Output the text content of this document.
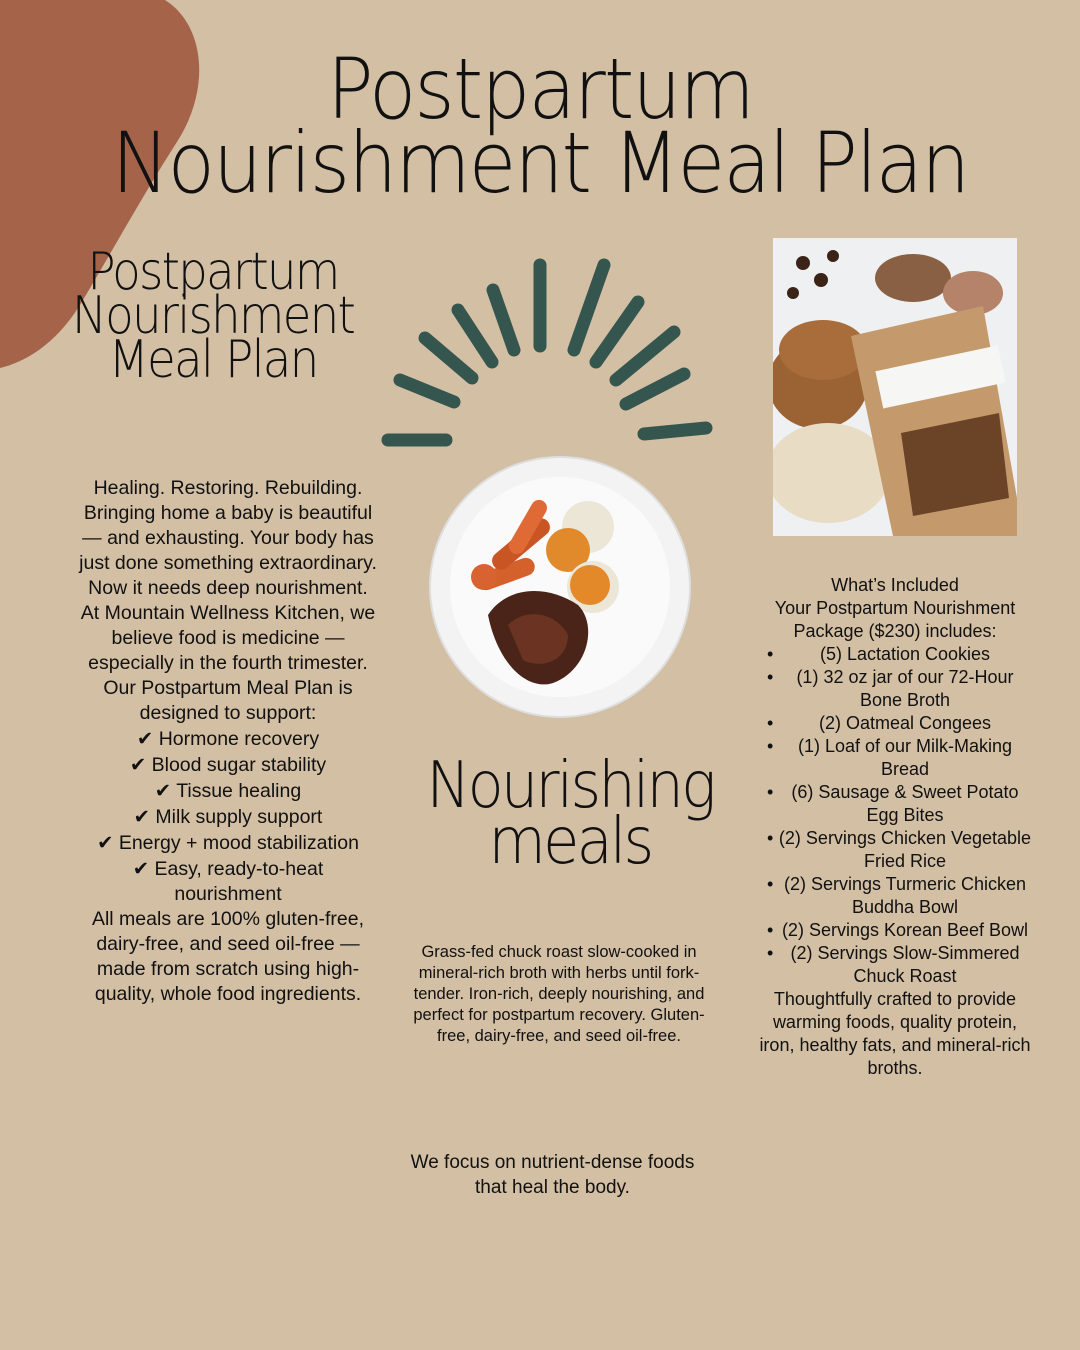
Postpartum
Nourishment Meal Plan
Postpartum
Nourishment
Meal Plan

Healing. Restoring. Rebuilding.

Bringing home a baby is beautiful — and exhausting. Your body has just done something extraordinary. Now it needs deep nourishment.

At Mountain Wellness Kitchen, we believe food is medicine — especially in the fourth trimester. Our Postpartum Meal Plan is designed to support:

✔ Hormone recovery

✔ Blood sugar stability

✔ Tissue healing

✔ Milk supply support

✔ Energy + mood stabilization

✔ Easy, ready-to-heat nourishment

All meals are 100% gluten-free, dairy-free, and seed oil-free — made from scratch using high-quality, whole food ingredients.

Nourishing
meals

Grass-fed chuck roast slow-cooked in mineral-rich broth with herbs until fork-tender. Iron-rich, deeply nourishing, and perfect for postpartum recovery. Gluten-free, dairy-free, and seed oil-free.

We focus on nutrient-dense foods that heal the body.

What’s Included

Your Postpartum Nourishment Package ($230) includes:

• (5) Lactation Cookies
• (1) 32 oz jar of our 72-Hour Bone Broth
• (2) Oatmeal Congees
• (1) Loaf of our Milk-Making Bread
• (6) Sausage & Sweet Potato Egg Bites
• (2) Servings Chicken Vegetable Fried Rice
• (2) Servings Turmeric Chicken Buddha Bowl
• (2) Servings Korean Beef Bowl
• (2) Servings Slow-Simmered Chuck Roast

Thoughtfully crafted to provide warming foods, quality protein, iron, healthy fats, and mineral-rich broths.
